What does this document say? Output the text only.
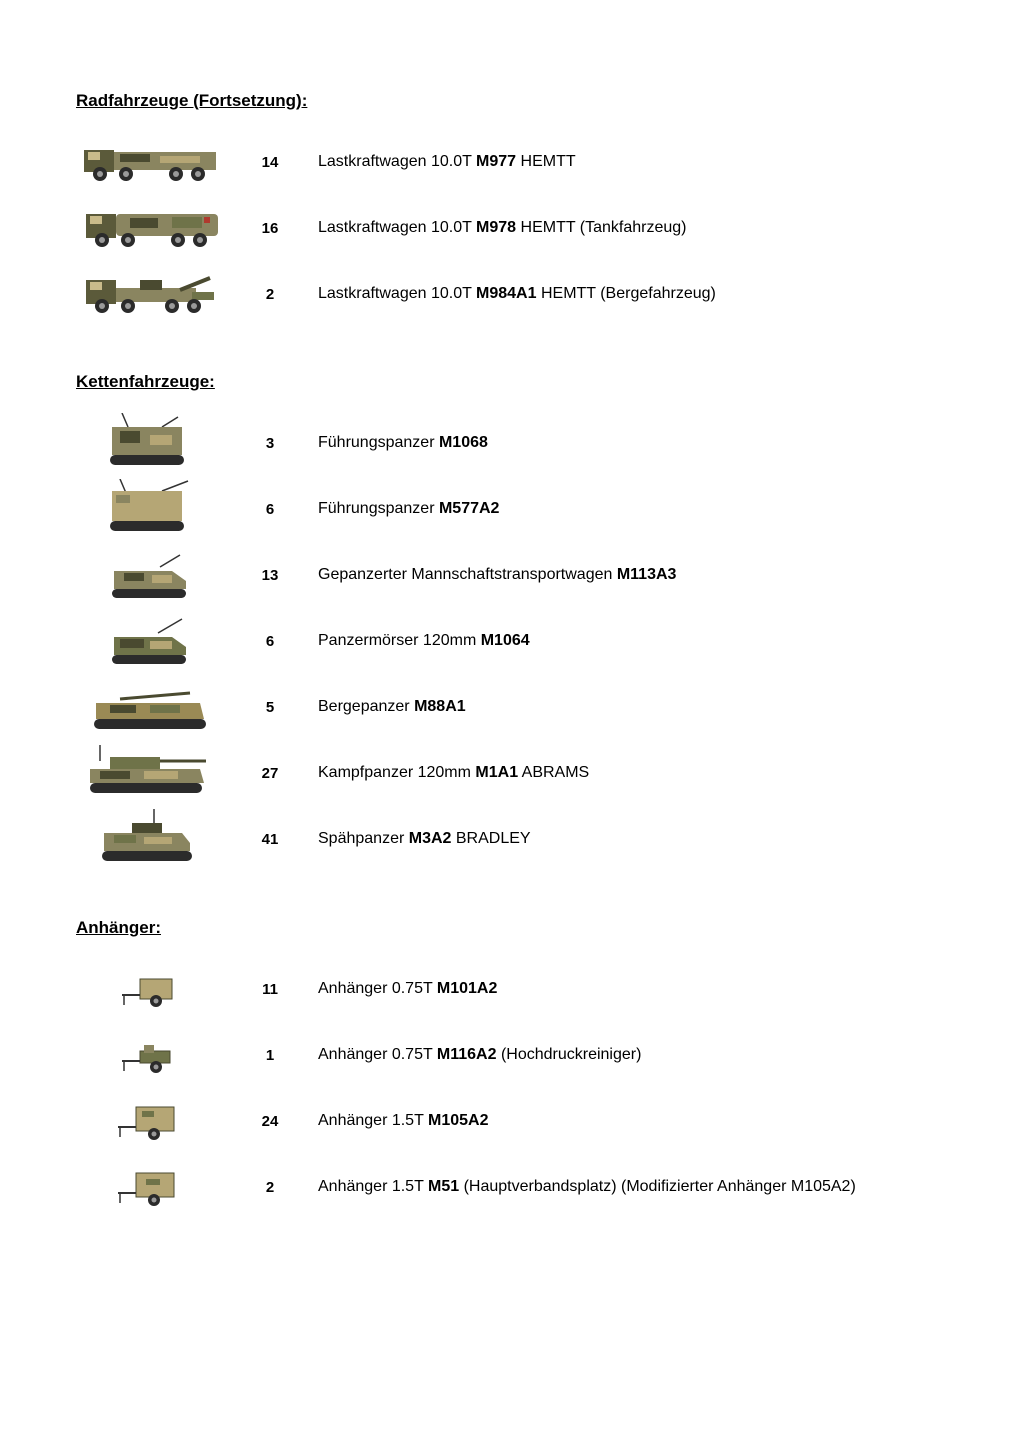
Radfahrzeuge (Fortsetzung):
Kettenfahrzeuge:
Anhänger:
14	Lastkraftwagen 10.0T M977 HEMTT
16	Lastkraftwagen 10.0T M978 HEMTT (Tankfahrzeug)
2	Lastkraftwagen 10.0T M984A1 HEMTT (Bergefahrzeug)
3	Führungspanzer M1068
6	Führungspanzer M577A2
13	Gepanzerter Mannschaftstransportwagen M113A3
6	Panzermörser 120mm M1064
5	Bergepanzer M88A1
27	Kampfpanzer 120mm M1A1 ABRAMS
41	Spähpanzer M3A2 BRADLEY
11	Anhänger 0.75T M101A2
1	Anhänger 0.75T M116A2 (Hochdruckreiniger)
24	Anhänger 1.5T M105A2
2	Anhänger 1.5T M51 (Hauptverbandsplatz) (Modifizierter Anhänger M105A2)
